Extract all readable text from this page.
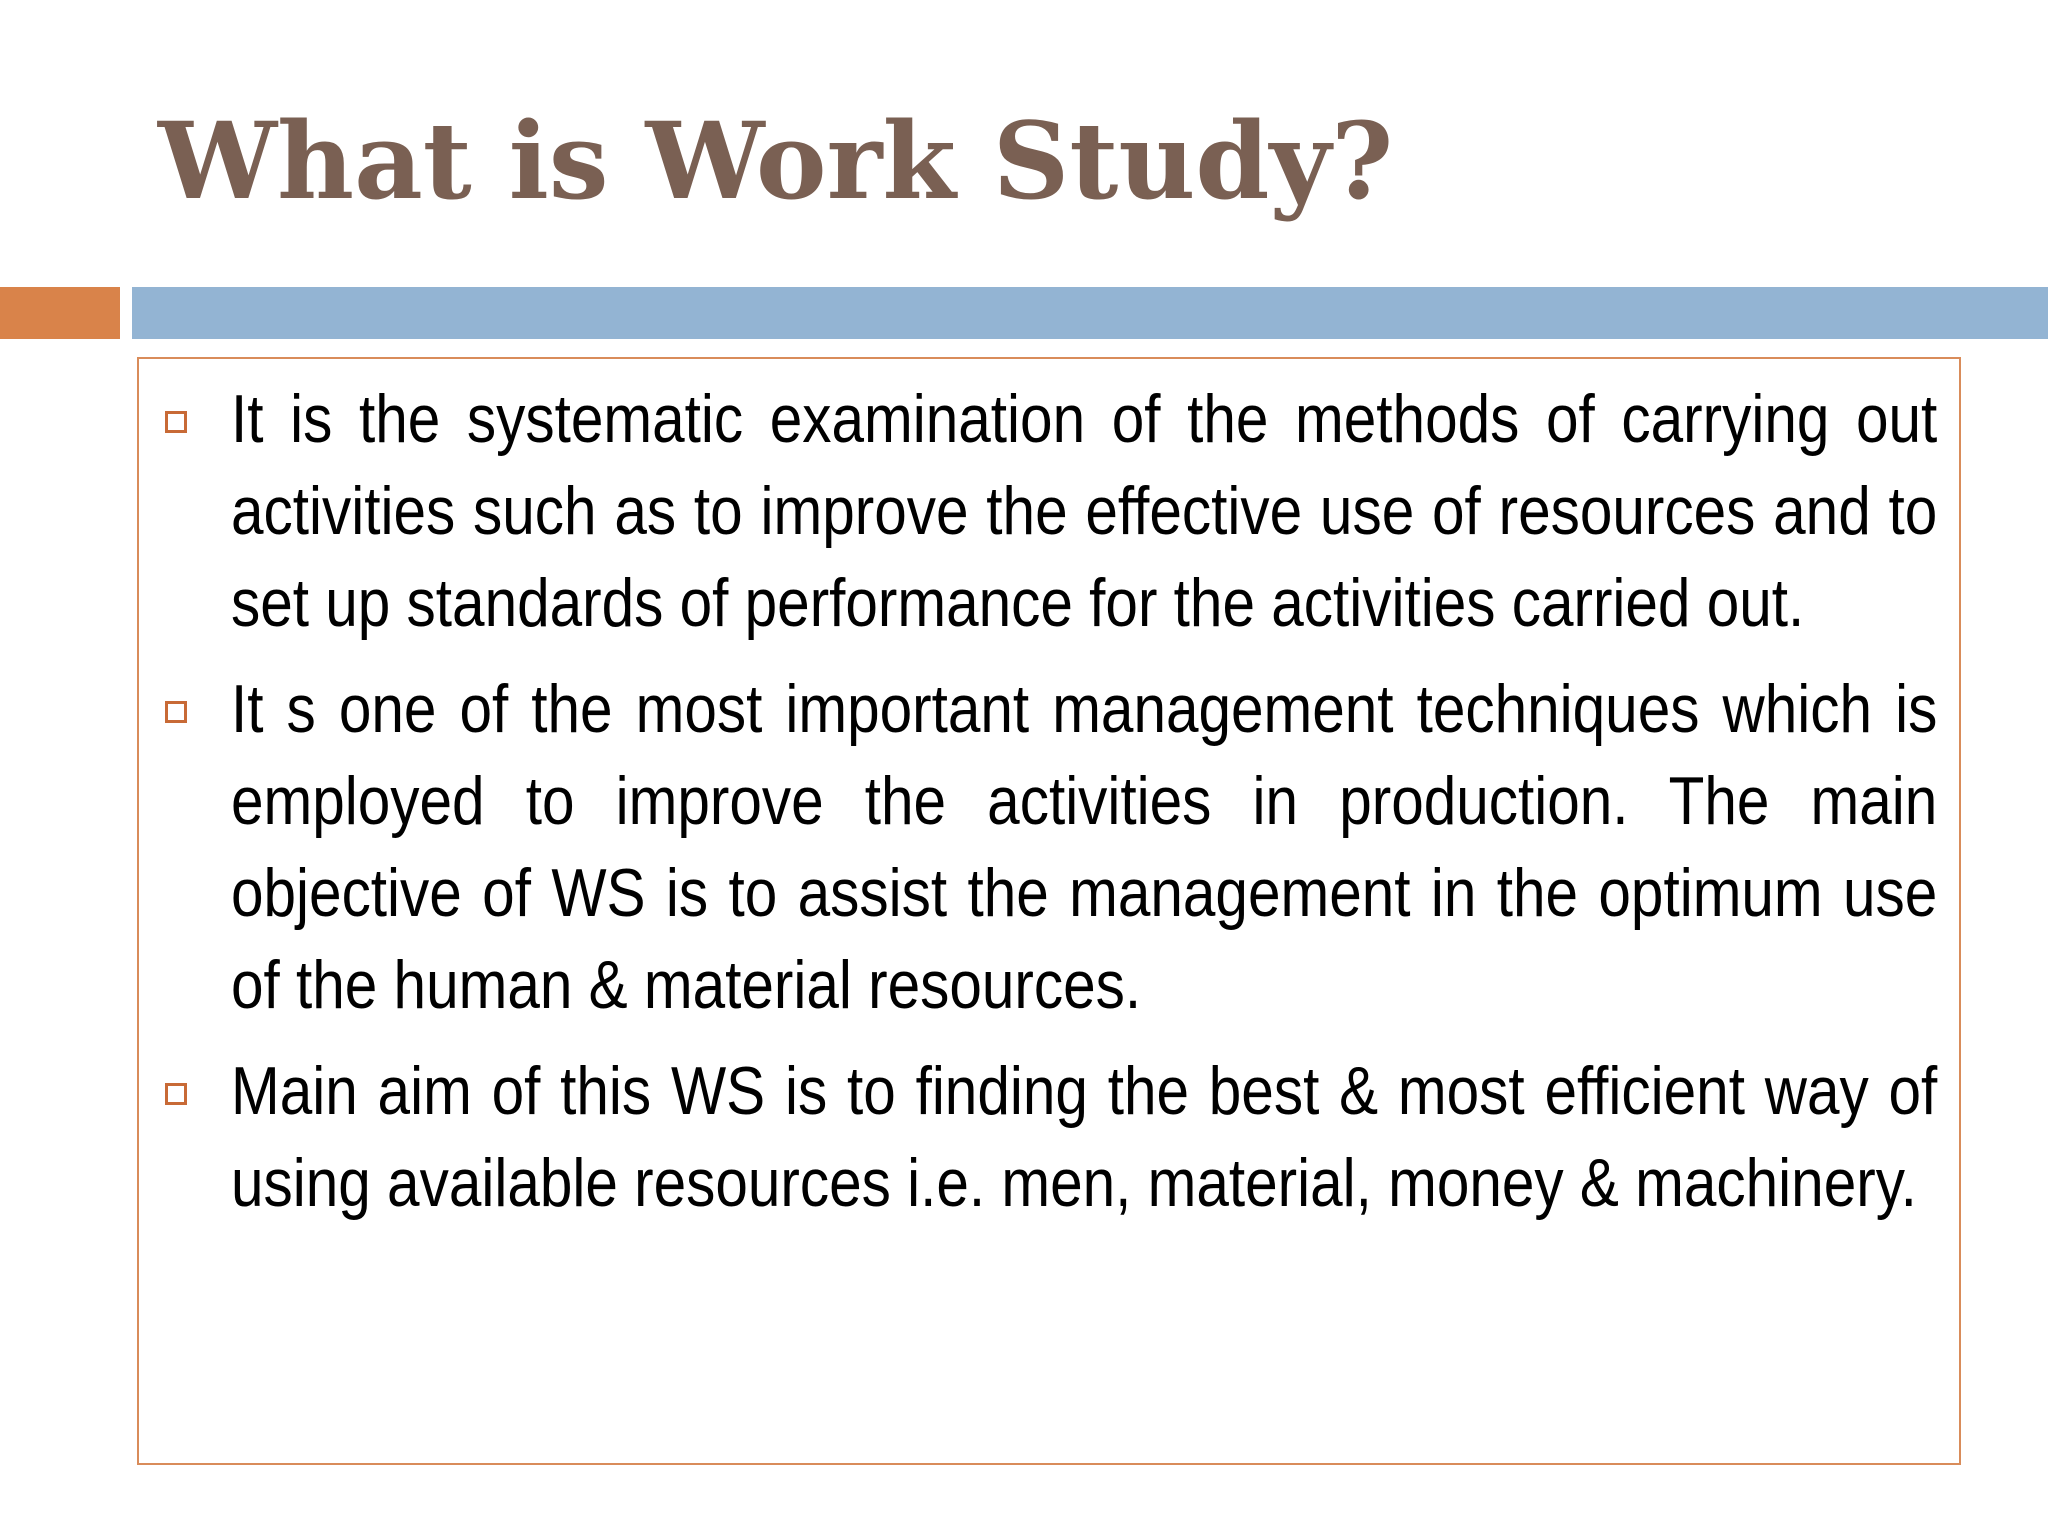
What is Work Study?
It is the systematic examination of the methods of carrying out activities such as to improve the effective use of resources and to set up standards of performance for the activities carried out.
It s one of the most important management techniques which is employed to improve the activities in production. The main objective of WS is to assist the management in the optimum use of the human & material resources.
Main aim of this WS is to finding the best & most efficient way of using available resources i.e. men, material, money & machinery.
